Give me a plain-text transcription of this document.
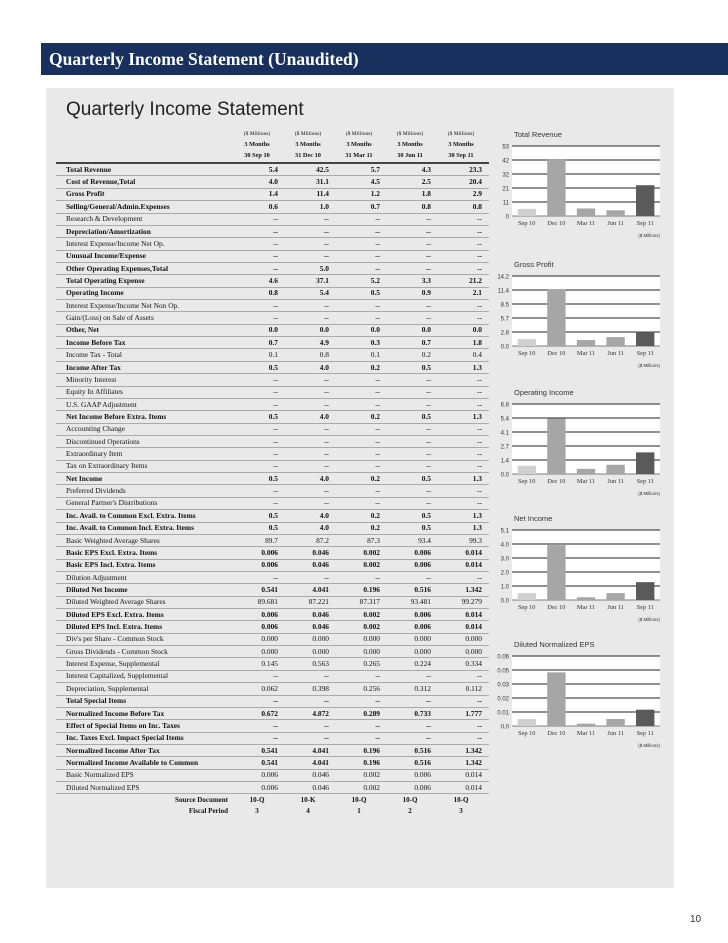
Quarterly Income Statement (Unaudited)
Quarterly Income Statement
	($ Millions)	($ Millions)	($ Millions)	($ Millions)	($ Millions)
	3 Months	3 Months	3 Months	3 Months	3 Months
	30 Sep 10	31 Dec 10	31 Mar 11	30 Jun 11	30 Sep 11
Total Revenue	5.4	42.5	5.7	4.3	23.3
Cost of Revenue,Total	4.0	31.1	4.5	2.5	20.4
Gross Profit	1.4	11.4	1.2	1.8	2.9
Selling/General/Admin.Expenses	0.6	1.0	0.7	0.8	0.8
Research & Development	--	--	--	--	--
Depreciation/Amortization	--	--	--	--	--
Interest Expense/Income Net Op.	--	--	--	--	--
Unusual Income/Expense	--	--	--	--	--
Other Operating Expenses,Total	--	5.0	--	--	--
Total Operating Expense	4.6	37.1	5.2	3.3	21.2
Operating Income	0.8	5.4	0.5	0.9	2.1
Interest Expense/Income Net Non Op.	--	--	--	--	--
Gain/(Loss) on Sale of Assets	--	--	--	--	--
Other, Net	0.0	0.0	0.0	0.0	0.0
Income Before Tax	0.7	4.9	0.3	0.7	1.8
Income Tax - Total	0.1	0.8	0.1	0.2	0.4
Income After Tax	0.5	4.0	0.2	0.5	1.3
Minority Interest	--	--	--	--	--
Equity In Affiliates	--	--	--	--	--
U.S. GAAP Adjustment	--	--	--	--	--
Net Income Before Extra. Items	0.5	4.0	0.2	0.5	1.3
Accounting Change	--	--	--	--	--
Discontinued Operations	--	--	--	--	--
Extraordinary Item	--	--	--	--	--
Tax on Extraordinary Items	--	--	--	--	--
Net Income	0.5	4.0	0.2	0.5	1.3
Preferred Dividends	--	--	--	--	--
General Partner's Distributions	--	--	--	--	--
Inc. Avail. to Common Excl. Extra. Items	0.5	4.0	0.2	0.5	1.3
Inc. Avail. to Common Incl. Extra. Items	0.5	4.0	0.2	0.5	1.3
Basic Weighted Average Shares	89.7	87.2	87.3	93.4	99.3
Basic EPS Excl. Extra. Items	0.006	0.046	0.002	0.006	0.014
Basic EPS Incl. Extra. Items	0.006	0.046	0.002	0.006	0.014
Dilution Adjustment	--	--	--	--	--
Diluted Net Income	0.541	4.041	0.196	0.516	1.342
Diluted Weighted Average Shares	89.681	87.221	87.317	93.481	99.279
Diluted EPS Excl. Extra. Items	0.006	0.046	0.002	0.006	0.014
Diluted EPS Incl. Extra. Items	0.006	0.046	0.002	0.006	0.014
Div's per Share - Common Stock	0.000	0.000	0.000	0.000	0.000
Gross Dividends - Common Stock	0.000	0.000	0.000	0.000	0.000
Interest Expense, Supplemental	0.145	0.563	0.265	0.224	0.334
Interest Capitalized, Supplemental	--	--	--	--	--
Depreciation, Supplemental	0.062	0.398	0.256	0.312	0.112
Total Special Items	--	--	--	--	--
Normalized Income Before Tax	0.672	4.872	0.289	0.733	1.777
Effect of Special Items on Inc. Taxes	--	--	--	--	--
Inc. Taxes Excl. Impact Special Items	--	--	--	--	--
Normalized Income After Tax	0.541	4.041	0.196	0.516	1.342
Normalized Income Available to Common	0.541	4.041	0.196	0.516	1.342
Basic Normalized EPS	0.006	0.046	0.002	0.006	0.014
Diluted Normalized EPS	0.006	0.046	0.002	0.006	0.014
Source Document	10-Q	10-K	10-Q	10-Q	10-Q
Fiscal Period	3	4	1	2	3
Total Revenue
0
11
21
32
42
53
Sep 10 Dec 10 Mar 11 Jun 11 Sep 11
($ Millions)
Gross Profit
0.0
2.8
5.7
8.5
11.4
14.2
Sep 10 Dec 10 Mar 11 Jun 11 Sep 11
($ Millions)
Operating Income
0.0
1.4
2.7
4.1
5.4
6.8
Sep 10 Dec 10 Mar 11 Jun 11 Sep 11
($ Millions)
Net Income
0.0
1.0
2.0
3.0
4.0
5.1
Sep 10 Dec 10 Mar 11 Jun 11 Sep 11
($ Millions)
Diluted Normalized EPS
0.0
0.01
0.02
0.03
0.05
0.06
Sep 10 Dec 10 Mar 11 Jun 11 Sep 11
($ Millions)
10
